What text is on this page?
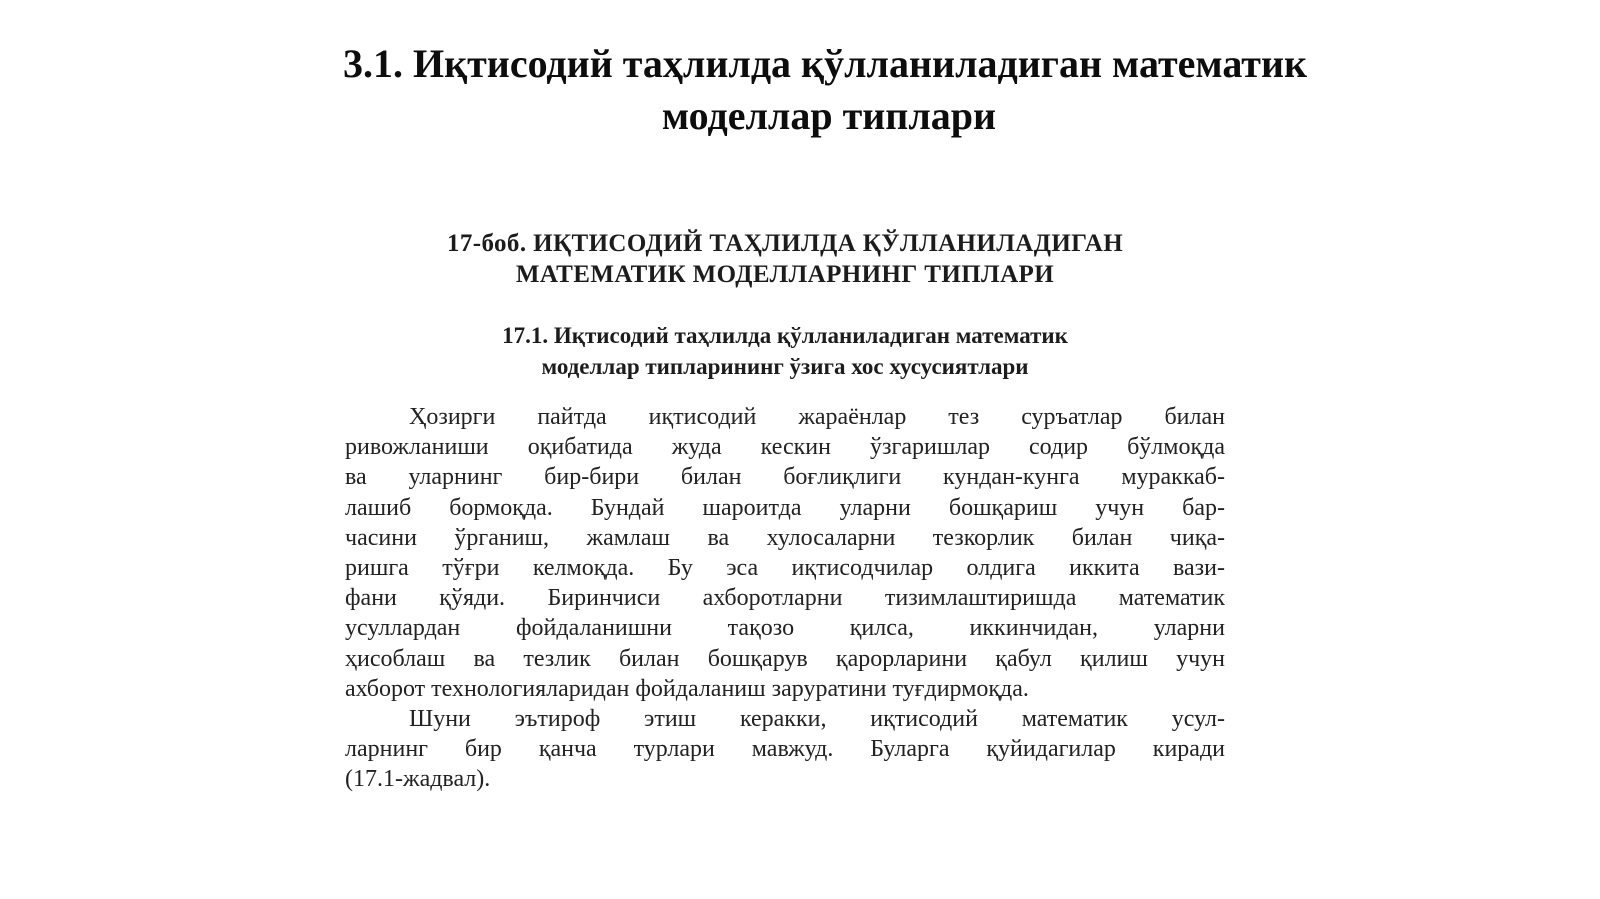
3.1. Иқтисодий таҳлилда қўлланиладиган математик
моделлар типлари
17-боб. ИҚТИСОДИЙ ТАҲЛИЛДА ҚЎЛЛАНИЛАДИГАН
МАТЕМАТИК МОДЕЛЛАРНИНГ ТИПЛАРИ
17.1. Иқтисодий таҳлилда қўлланиладиган математик
моделлар типларининг ўзига хос хусусиятлари
Ҳозирги пайтда иқтисодий жараёнлар тез суръатлар билан
ривожланиши оқибатида жуда кескин ўзгаришлар содир бўлмоқда
ва уларнинг бир-бири билан боғлиқлиги кундан-кунга мураккаб-
лашиб бормоқда. Бундай шароитда уларни бошқариш учун бар-
часини ўрганиш, жамлаш ва хулосаларни тезкорлик билан чиқа-
ришга тўғри келмоқда. Бу эса иқтисодчилар олдига иккита вази-
фани қўяди. Биринчиси ахборотларни тизимлаштиришда математик
усуллардан фойдаланишни тақозо қилса, иккинчидан, уларни
ҳисоблаш ва тезлик билан бошқарув қарорларини қабул қилиш учун
ахборот технологияларидан фойдаланиш заруратини туғдирмоқда.
Шуни эътироф этиш керакки, иқтисодий математик усул-
ларнинг бир қанча турлари мавжуд. Буларга қуйидагилар киради
(17.1-жадвал).
